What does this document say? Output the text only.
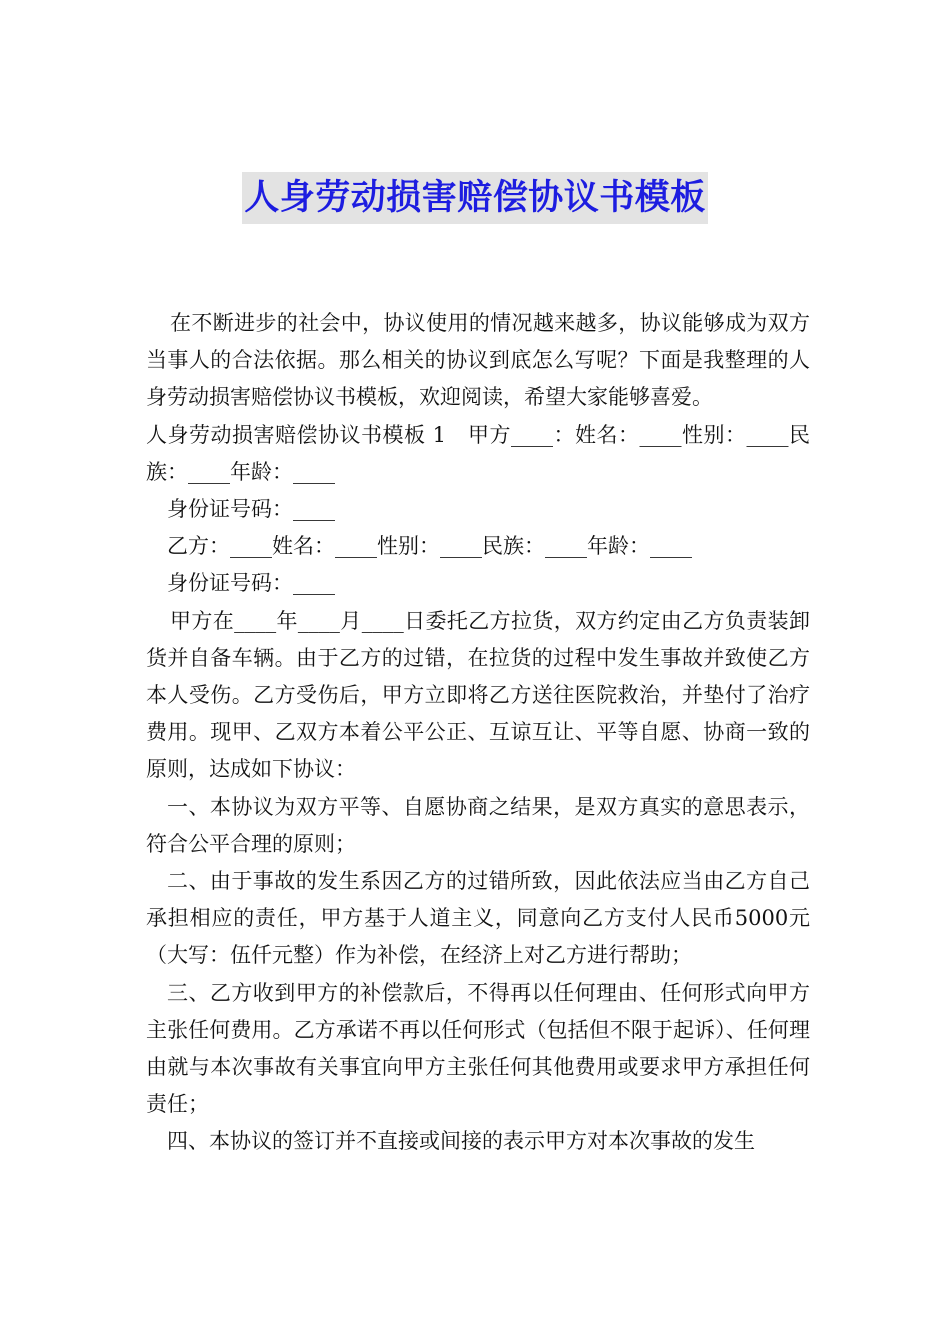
人身劳动损害赔偿协议书模板

在不断进步的社会中，协议使用的情况越来越多，协议能够成为双方当事人的合法依据。那么相关的协议到底怎么写呢？下面是我整理的人身劳动损害赔偿协议书模板，欢迎阅读，希望大家能够喜爱。

人身劳动损害赔偿协议书模板 1　甲方____：姓名：____性别：____民族：____年龄：____

身份证号码：____

乙方：____姓名：____性别：____民族：____年龄：____

身份证号码：____

甲方在____年____月____日委托乙方拉货，双方约定由乙方负责装卸货并自备车辆。由于乙方的过错，在拉货的过程中发生事故并致使乙方本人受伤。乙方受伤后，甲方立即将乙方送往医院救治，并垫付了治疗费用。现甲、乙双方本着公平公正、互谅互让、平等自愿、协商一致的原则，达成如下协议：

一、本协议为双方平等、自愿协商之结果，是双方真实的意思表示，符合公平合理的原则；

二、由于事故的发生系因乙方的过错所致，因此依法应当由乙方自己承担相应的责任，甲方基于人道主义，同意向乙方支付人民币5000元（大写：伍仟元整）作为补偿，在经济上对乙方进行帮助；

三、乙方收到甲方的补偿款后，不得再以任何理由、任何形式向甲方主张任何费用。乙方承诺不再以任何形式（包括但不限于起诉）、任何理由就与本次事故有关事宜向甲方主张任何其他费用或要求甲方承担任何责任；

四、本协议的签订并不直接或间接的表示甲方对本次事故的发生
